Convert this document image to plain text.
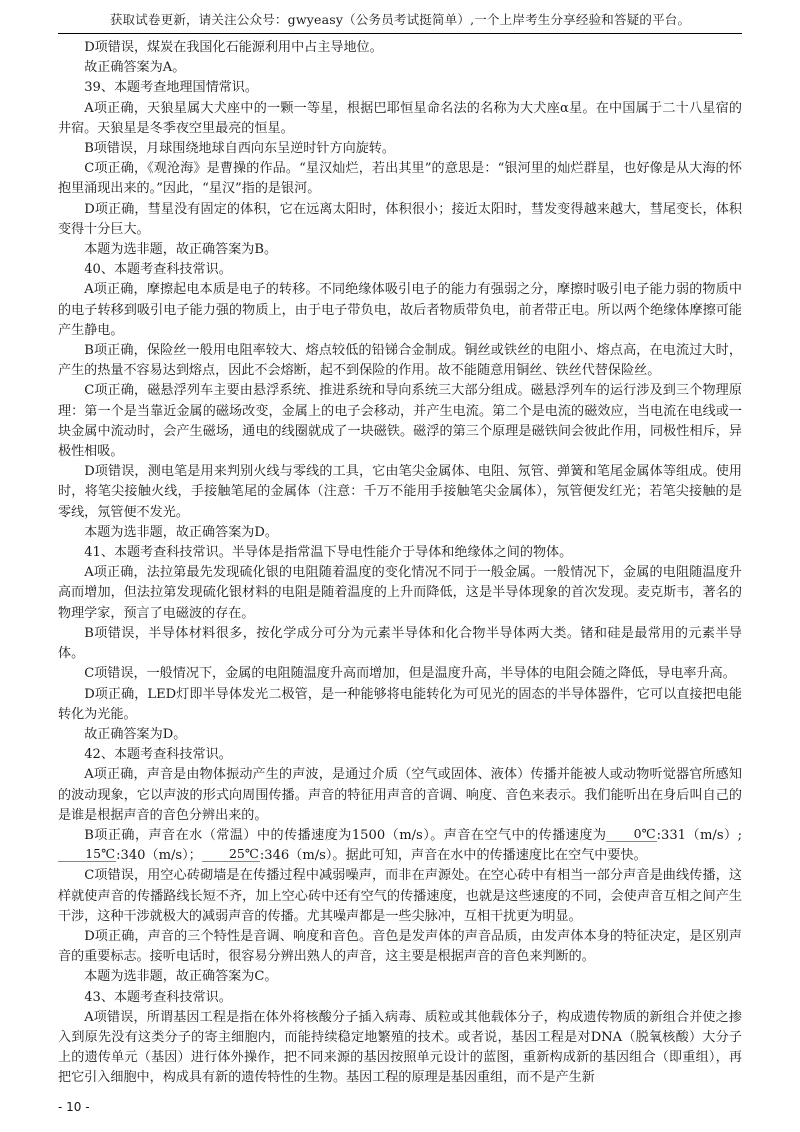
获取试卷更新，请关注公众号：gwyeasy（公务员考试挺简单）,一个上岸考生分享经验和答疑的平台。

D项错误，煤炭在我国化石能源利用中占主导地位。

故正确答案为A。

39、本题考查地理国情常识。

A项正确，天狼星属大犬座中的一颗一等星，根据巴耶恒星命名法的名称为大犬座α星。在中国属于二十八星宿的井宿。天狼星是冬季夜空里最亮的恒星。

B项错误，月球围绕地球自西向东呈逆时针方向旋转。

C项正确，《观沧海》是曹操的作品。“星汉灿烂，若出其里”的意思是：“银河里的灿烂群星，也好像是从大海的怀抱里涌现出来的。”因此，“星汉”指的是银河。

D项正确，彗星没有固定的体积，它在远离太阳时，体积很小；接近太阳时，彗发变得越来越大，彗尾变长，体积变得十分巨大。

本题为选非题，故正确答案为B。

40、本题考查科技常识。

A项正确，摩擦起电本质是电子的转移。不同绝缘体吸引电子的能力有强弱之分，摩擦时吸引电子能力弱的物质中的电子转移到吸引电子能力强的物质上，由于电子带负电，故后者物质带负电，前者带正电。所以两个绝缘体摩擦可能产生静电。

B项正确，保险丝一般用电阻率较大、熔点较低的铅锑合金制成。铜丝或铁丝的电阻小、熔点高，在电流过大时，产生的热量不容易达到熔点，因此不会熔断，起不到保险的作用。故不能随意用铜丝、铁丝代替保险丝。

C项正确，磁悬浮列车主要由悬浮系统、推进系统和导向系统三大部分组成。磁悬浮列车的运行涉及到三个物理原理：第一个是当靠近金属的磁场改变，金属上的电子会移动，并产生电流。第二个是电流的磁效应，当电流在电线或一块金属中流动时，会产生磁场，通电的线圈就成了一块磁铁。磁浮的第三个原理是磁铁间会彼此作用，同极性相斥，异极性相吸。

D项错误，测电笔是用来判别火线与零线的工具，它由笔尖金属体、电阻、氖管、弹簧和笔尾金属体等组成。使用时，将笔尖接触火线，手接触笔尾的金属体（注意：千万不能用手接触笔尖金属体），氖管便发红光；若笔尖接触的是零线，氖管便不发光。

本题为选非题，故正确答案为D。

41、本题考查科技常识。半导体是指常温下导电性能介于导体和绝缘体之间的物体。

A项正确，法拉第最先发现硫化银的电阻随着温度的变化情况不同于一般金属。一般情况下，金属的电阻随温度升高而增加，但法拉第发现硫化银材料的电阻是随着温度的上升而降低，这是半导体现象的首次发现。麦克斯韦，著名的物理学家，预言了电磁波的存在。

B项错误，半导体材料很多，按化学成分可分为元素半导体和化合物半导体两大类。锗和硅是最常用的元素半导体。

C项错误，一般情况下，金属的电阻随温度升高而增加，但是温度升高，半导体的电阻会随之降低，导电率升高。

D项正确，LED灯即半导体发光二极管，是一种能够将电能转化为可见光的固态的半导体器件，它可以直接把电能转化为光能。

故正确答案为D。

42、本题考查科技常识。

A项正确，声音是由物体振动产生的声波，是通过介质（空气或固体、液体）传播并能被人或动物听觉器官所感知的波动现象，它以声波的形式向周围传播。声音的特征用声音的音调、响度、音色来表示。我们能听出在身后叫自己的是谁是根据声音的音色分辨出来的。

B项正确，声音在水（常温）中的传播速度为1500（m/s）。声音在空气中的传播速度为 0℃:331（m/s）;15℃:340（m/s）； 25℃:346（m/s）。据此可知，声音在水中的传播速度比在空气中要快。

C项错误，用空心砖砌墙是在传播过程中减弱噪声，而非在声源处。在空心砖中有相当一部分声音是曲线传播，这样就使声音的传播路线长短不齐，加上空心砖中还有空气的传播速度，也就是这些速度的不同，会使声音互相之间产生干涉，这种干涉就极大的减弱声音的传播。尤其噪声都是一些尖脉冲，互相干扰更为明显。

D项正确，声音的三个特性是音调、响度和音色。音色是发声体的声音品质，由发声体本身的特征决定，是区别声音的重要标志。接听电话时，很容易分辨出熟人的声音，这主要是根据声音的音色来判断的。

本题为选非题，故正确答案为C。

43、本题考查科技常识。

A项错误，所谓基因工程是指在体外将核酸分子插入病毒、质粒或其他载体分子，构成遗传物质的新组合并使之掺入到原先没有这类分子的寄主细胞内，而能持续稳定地繁殖的技术。或者说，基因工程是对DNA（脱氧核酸）大分子上的遗传单元（基因）进行体外操作，把不同来源的基因按照单元设计的蓝图，重新构成新的基因组合（即重组），再把它引入细胞中，构成具有新的遗传特性的生物。基因工程的原理是基因重组，而不是产生新

- 10 -
